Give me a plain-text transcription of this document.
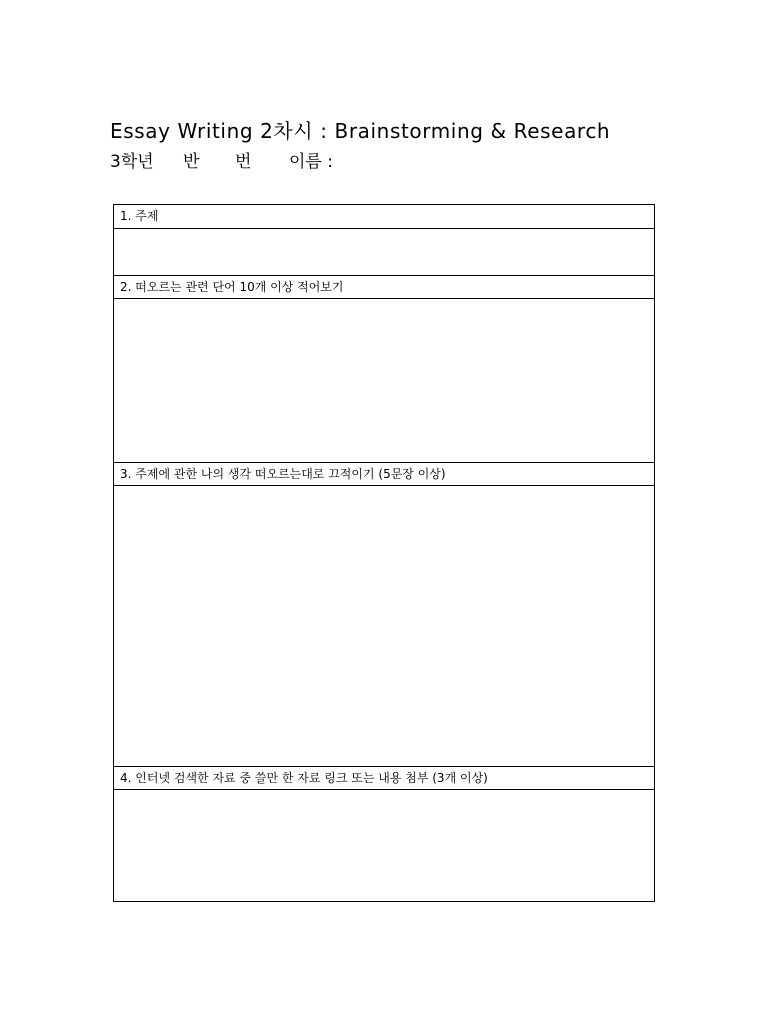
Essay Writing 2차시 : Brainstorming & Research
3학년 반 번 이름 :
1. 주제
2. 떠오르는 관련 단어 10개 이상 적어보기
3. 주제에 관한 나의 생각 떠오르는대로 끄적이기 (5문장 이상)
4. 인터넷 검색한 자료 중 쓸만 한 자료 링크 또는 내용 첨부 (3개 이상)
